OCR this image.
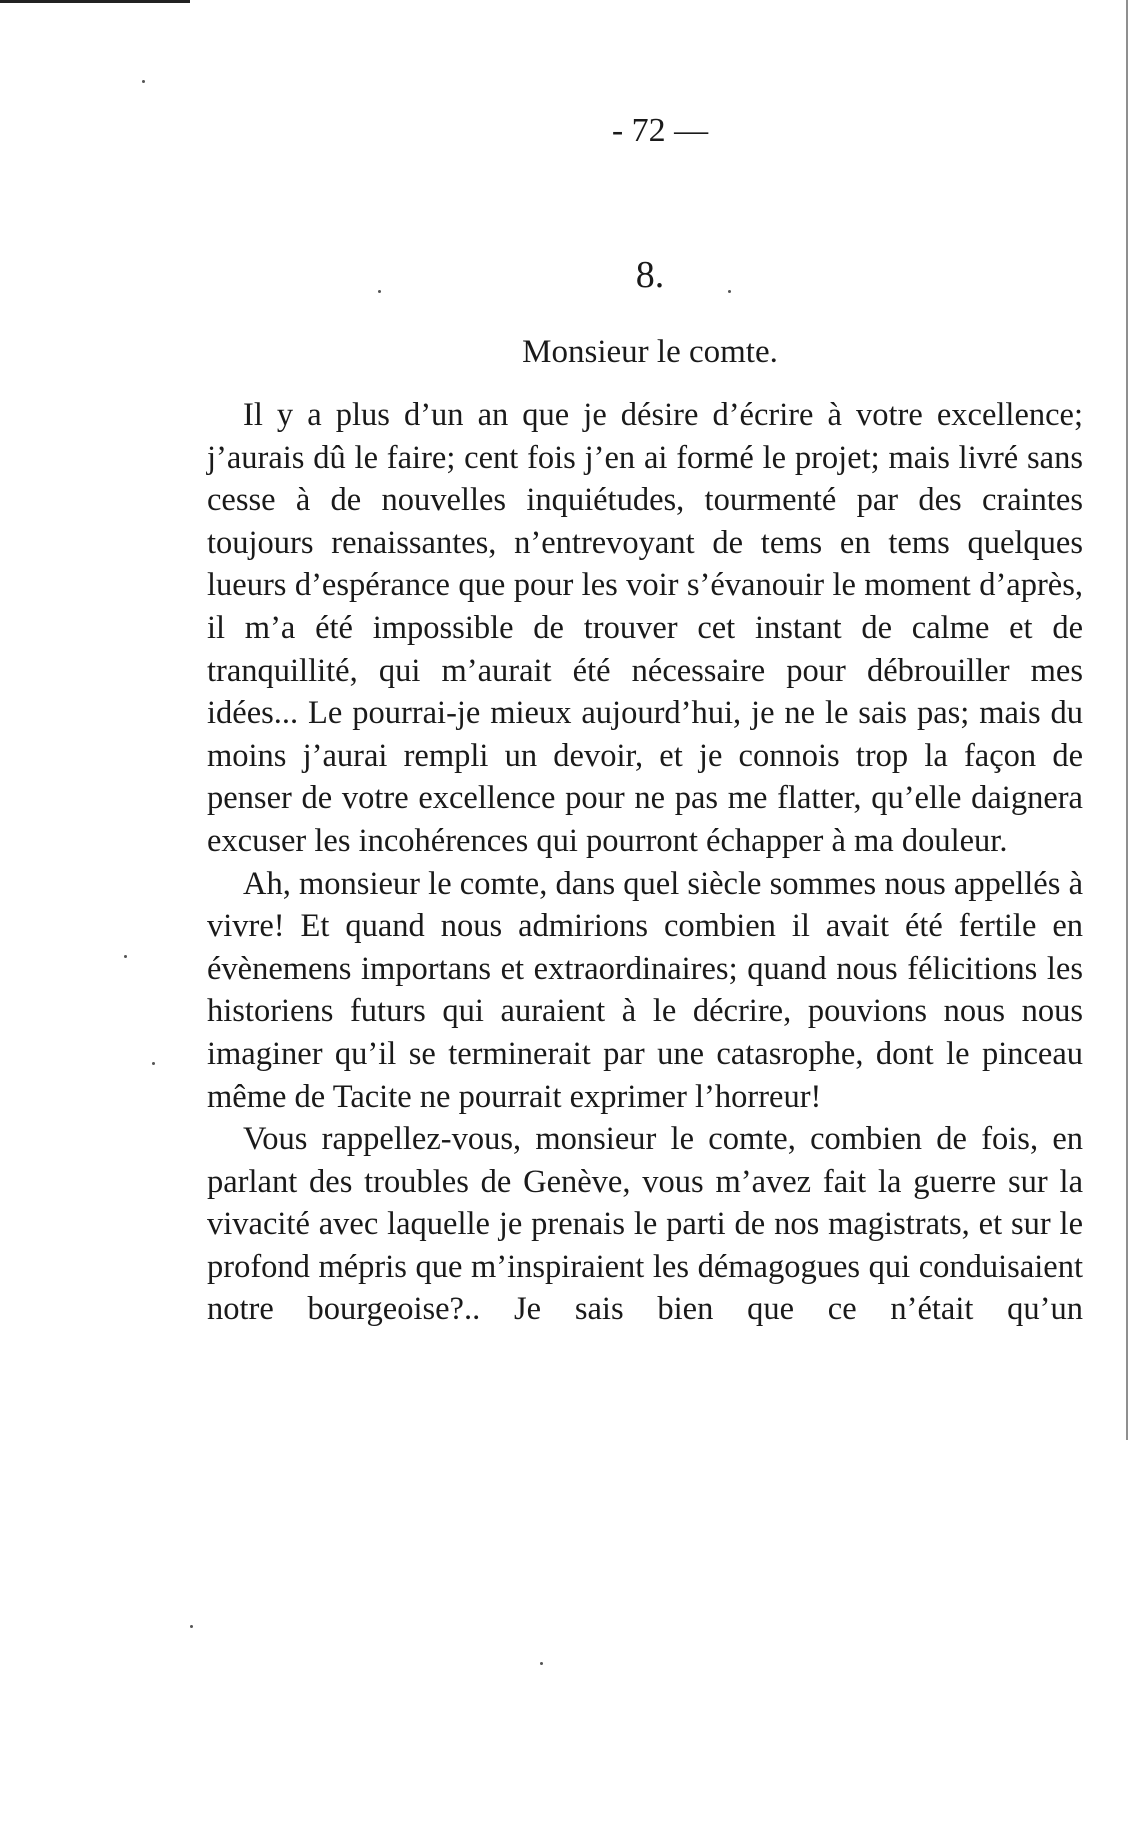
- 72 —
8.
Monsieur le comte.

Il y a plus d’un an que je désire d’écrire à votre excellence; j’aurais dû le faire; cent fois j’en ai formé le projet; mais livré sans cesse à de nouvelles inquiétudes, tourmenté par des craintes toujours renaissantes, n’entrevoyant de tems en tems quelques lueurs d’espérance que pour les voir s’évanouir le moment d’après, il m’a été impossible de trouver cet instant de calme et de tranquillité, qui m’aurait été nécessaire pour débrouiller mes idées... Le pourrai-je mieux aujourd’hui, je ne le sais pas; mais du moins j’aurai rempli un devoir, et je connois trop la façon de penser de votre excellence pour ne pas me flatter, qu’elle daignera excuser les incohérences qui pourront échapper à ma douleur.

Ah, monsieur le comte, dans quel siècle sommes nous appellés à vivre! Et quand nous admirions combien il avait été fertile en évènemens importans et extraordinaires; quand nous félicitions les historiens futurs qui auraient à le décrire, pouvions nous nous imaginer qu’il se terminerait par une catasrophe, dont le pinceau même de Tacite ne pourrait exprimer l’horreur!

Vous rappellez-vous, monsieur le comte, combien de fois, en parlant des troubles de Genève, vous m’avez fait la guerre sur la vivacité avec laquelle je prenais le parti de nos magistrats, et sur le profond mépris que m’inspiraient les démagogues qui conduisaient notre bourgeoise?.. Je sais bien que ce n’était qu’un
